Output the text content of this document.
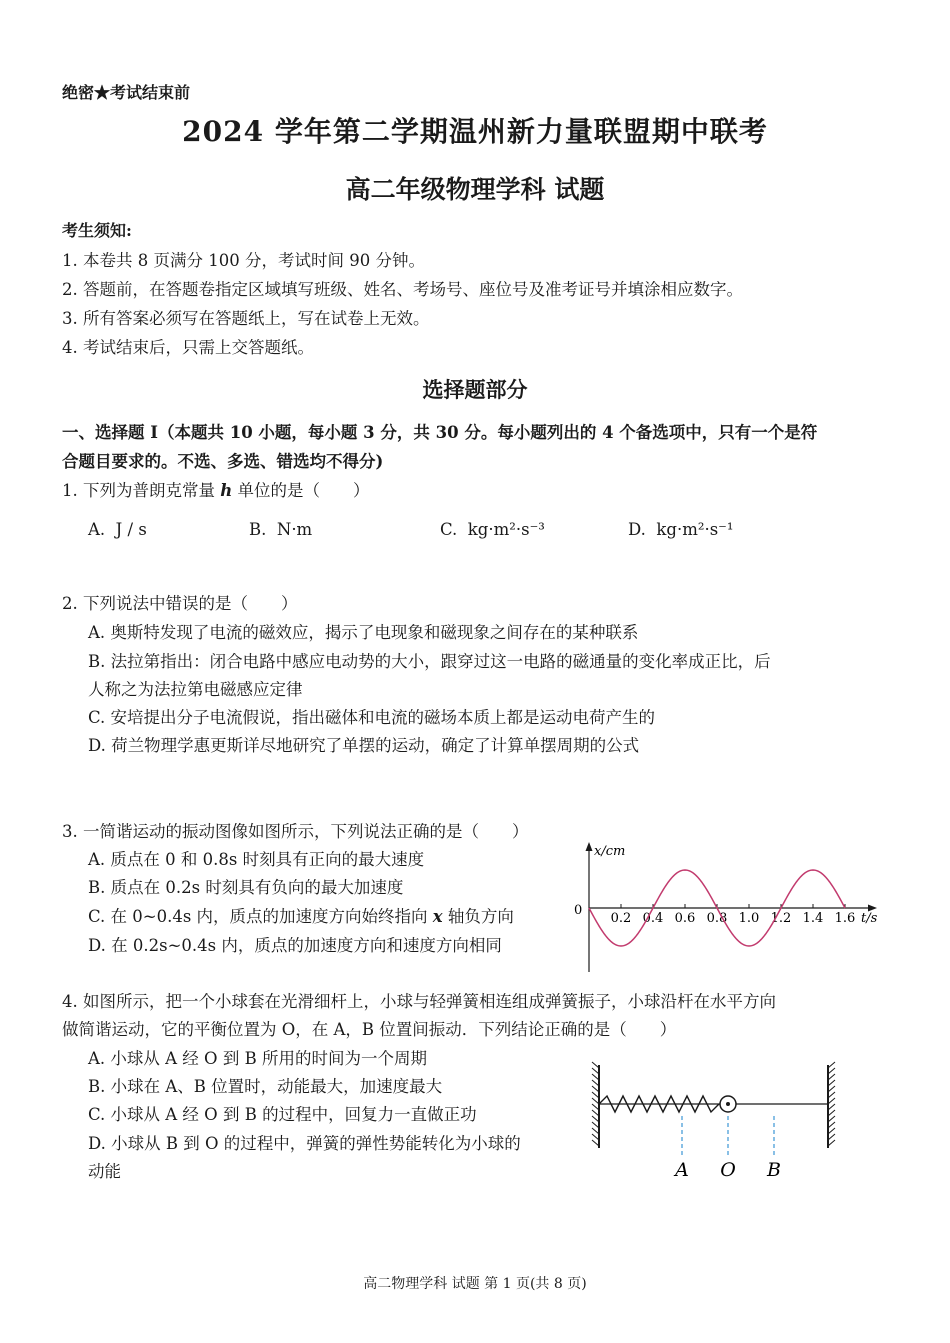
绝密★考试结束前
2024 学年第二学期温州新力量联盟期中联考
高二年级物理学科 试题
考生须知:
1. 本卷共 8 页满分 100 分，考试时间 90 分钟。
2. 答题前，在答题卷指定区域填写班级、姓名、考场号、座位号及准考证号并填涂相应数字。
3. 所有答案必须写在答题纸上，写在试卷上无效。
4. 考试结束后，只需上交答题纸。
选择题部分
一、选择题 I（本题共 10 小题，每小题 3 分，共 30 分。每小题列出的 4 个备选项中，只有一个是符
合题目要求的。不选、多选、错选均不得分)
1. 下列为普朗克常量 h 单位的是（　　）
A. J / s	B. N·m	C. kg·m²·s⁻³	D. kg·m²·s⁻¹
2. 下列说法中错误的是（　　）
A. 奥斯特发现了电流的磁效应，揭示了电现象和磁现象之间存在的某种联系
B. 法拉第指出：闭合电路中感应电动势的大小，跟穿过这一电路的磁通量的变化率成正比，后
人称之为法拉第电磁感应定律
C. 安培提出分子电流假说，指出磁体和电流的磁场本质上都是运动电荷产生的
D. 荷兰物理学惠更斯详尽地研究了单摆的运动，确定了计算单摆周期的公式
3. 一简谐运动的振动图像如图所示，下列说法正确的是（　　）
A. 质点在 0 和 0.8s 时刻具有正向的最大速度
B. 质点在 0.2s 时刻具有负向的最大加速度
C. 在 0~0.4s 内，质点的加速度方向始终指向 x 轴负方向
D. 在 0.2s~0.4s 内，质点的加速度方向和速度方向相同
x/cm
t/s
0
0.2 0.4 0.6 0.8 1.0 1.2 1.4 1.6
4. 如图所示，把一个小球套在光滑细杆上，小球与轻弹簧相连组成弹簧振子，小球沿杆在水平方向
做简谐运动，它的平衡位置为 O，在 A，B 位置间振动．下列结论正确的是（　　）
A. 小球从 A 经 O 到 B 所用的时间为一个周期
B. 小球在 A、B 位置时，动能最大，加速度最大
C. 小球从 A 经 O 到 B 的过程中，回复力一直做正功
D. 小球从 B 到 O 的过程中，弹簧的弹性势能转化为小球的
动能	A O B
高二物理学科 试题 第 1 页(共 8 页)
